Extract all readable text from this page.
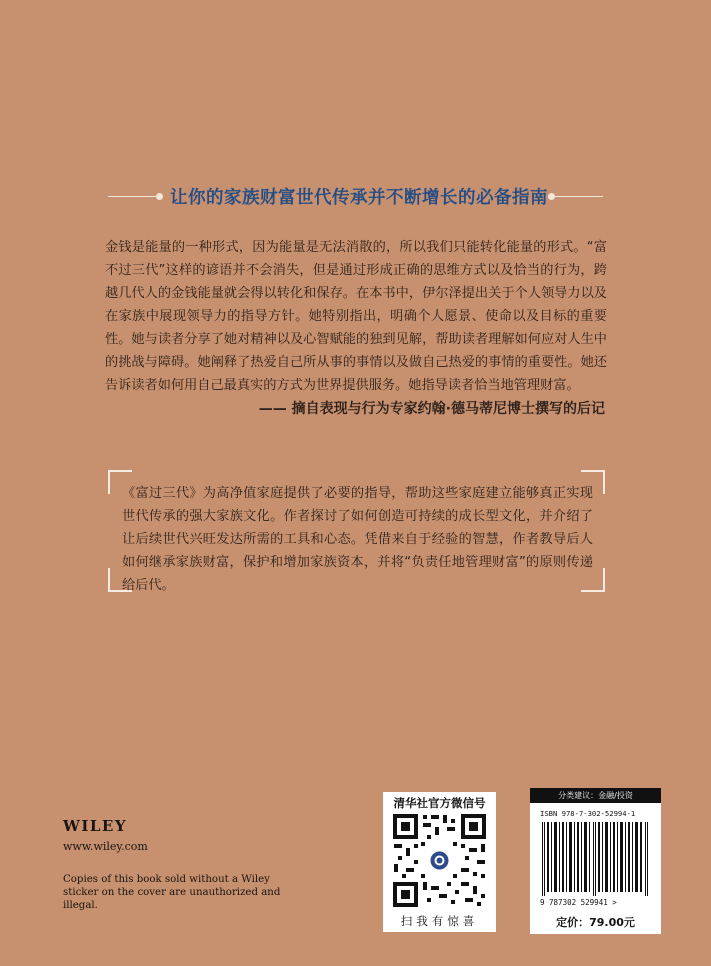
让你的家族财富世代传承并不断增长的必备指南

金钱是能量的一种形式，因为能量是无法消散的，所以我们只能转化能量的形式。“富不过三代”这样的谚语并不会消失，但是通过形成正确的思维方式以及恰当的行为，跨越几代人的金钱能量就会得以转化和保存。在本书中，伊尔泽提出关于个人领导力以及在家族中展现领导力的指导方针。她特别指出，明确个人愿景、使命以及目标的重要性。她与读者分享了她对精神以及心智赋能的独到见解，帮助读者理解如何应对人生中的挑战与障碍。她阐释了热爱自己所从事的事情以及做自己热爱的事情的重要性。她还告诉读者如何用自己最真实的方式为世界提供服务。她指导读者恰当地管理财富。

—— 摘自表现与行为专家约翰·德马蒂尼博士撰写的后记

《富过三代》为高净值家庭提供了必要的指导，帮助这些家庭建立能够真正实现世代传承的强大家族文化。作者探讨了如何创造可持续的成长型文化，并介绍了让后续世代兴旺发达所需的工具和心态。凭借来自于经验的智慧，作者教导后人如何继承家族财富，保护和增加家族资本，并将“负责任地管理财富”的原则传递给后代。

WILEY
www.wiley.com
Copies of this book sold without a Wiley sticker on the cover are unauthorized and illegal.
清华社官方微信号
扫我有惊喜
分类建议：金融/投资
ISBN 978-7-302-52994-1
9 787302 529941 >
定价：79.00元
